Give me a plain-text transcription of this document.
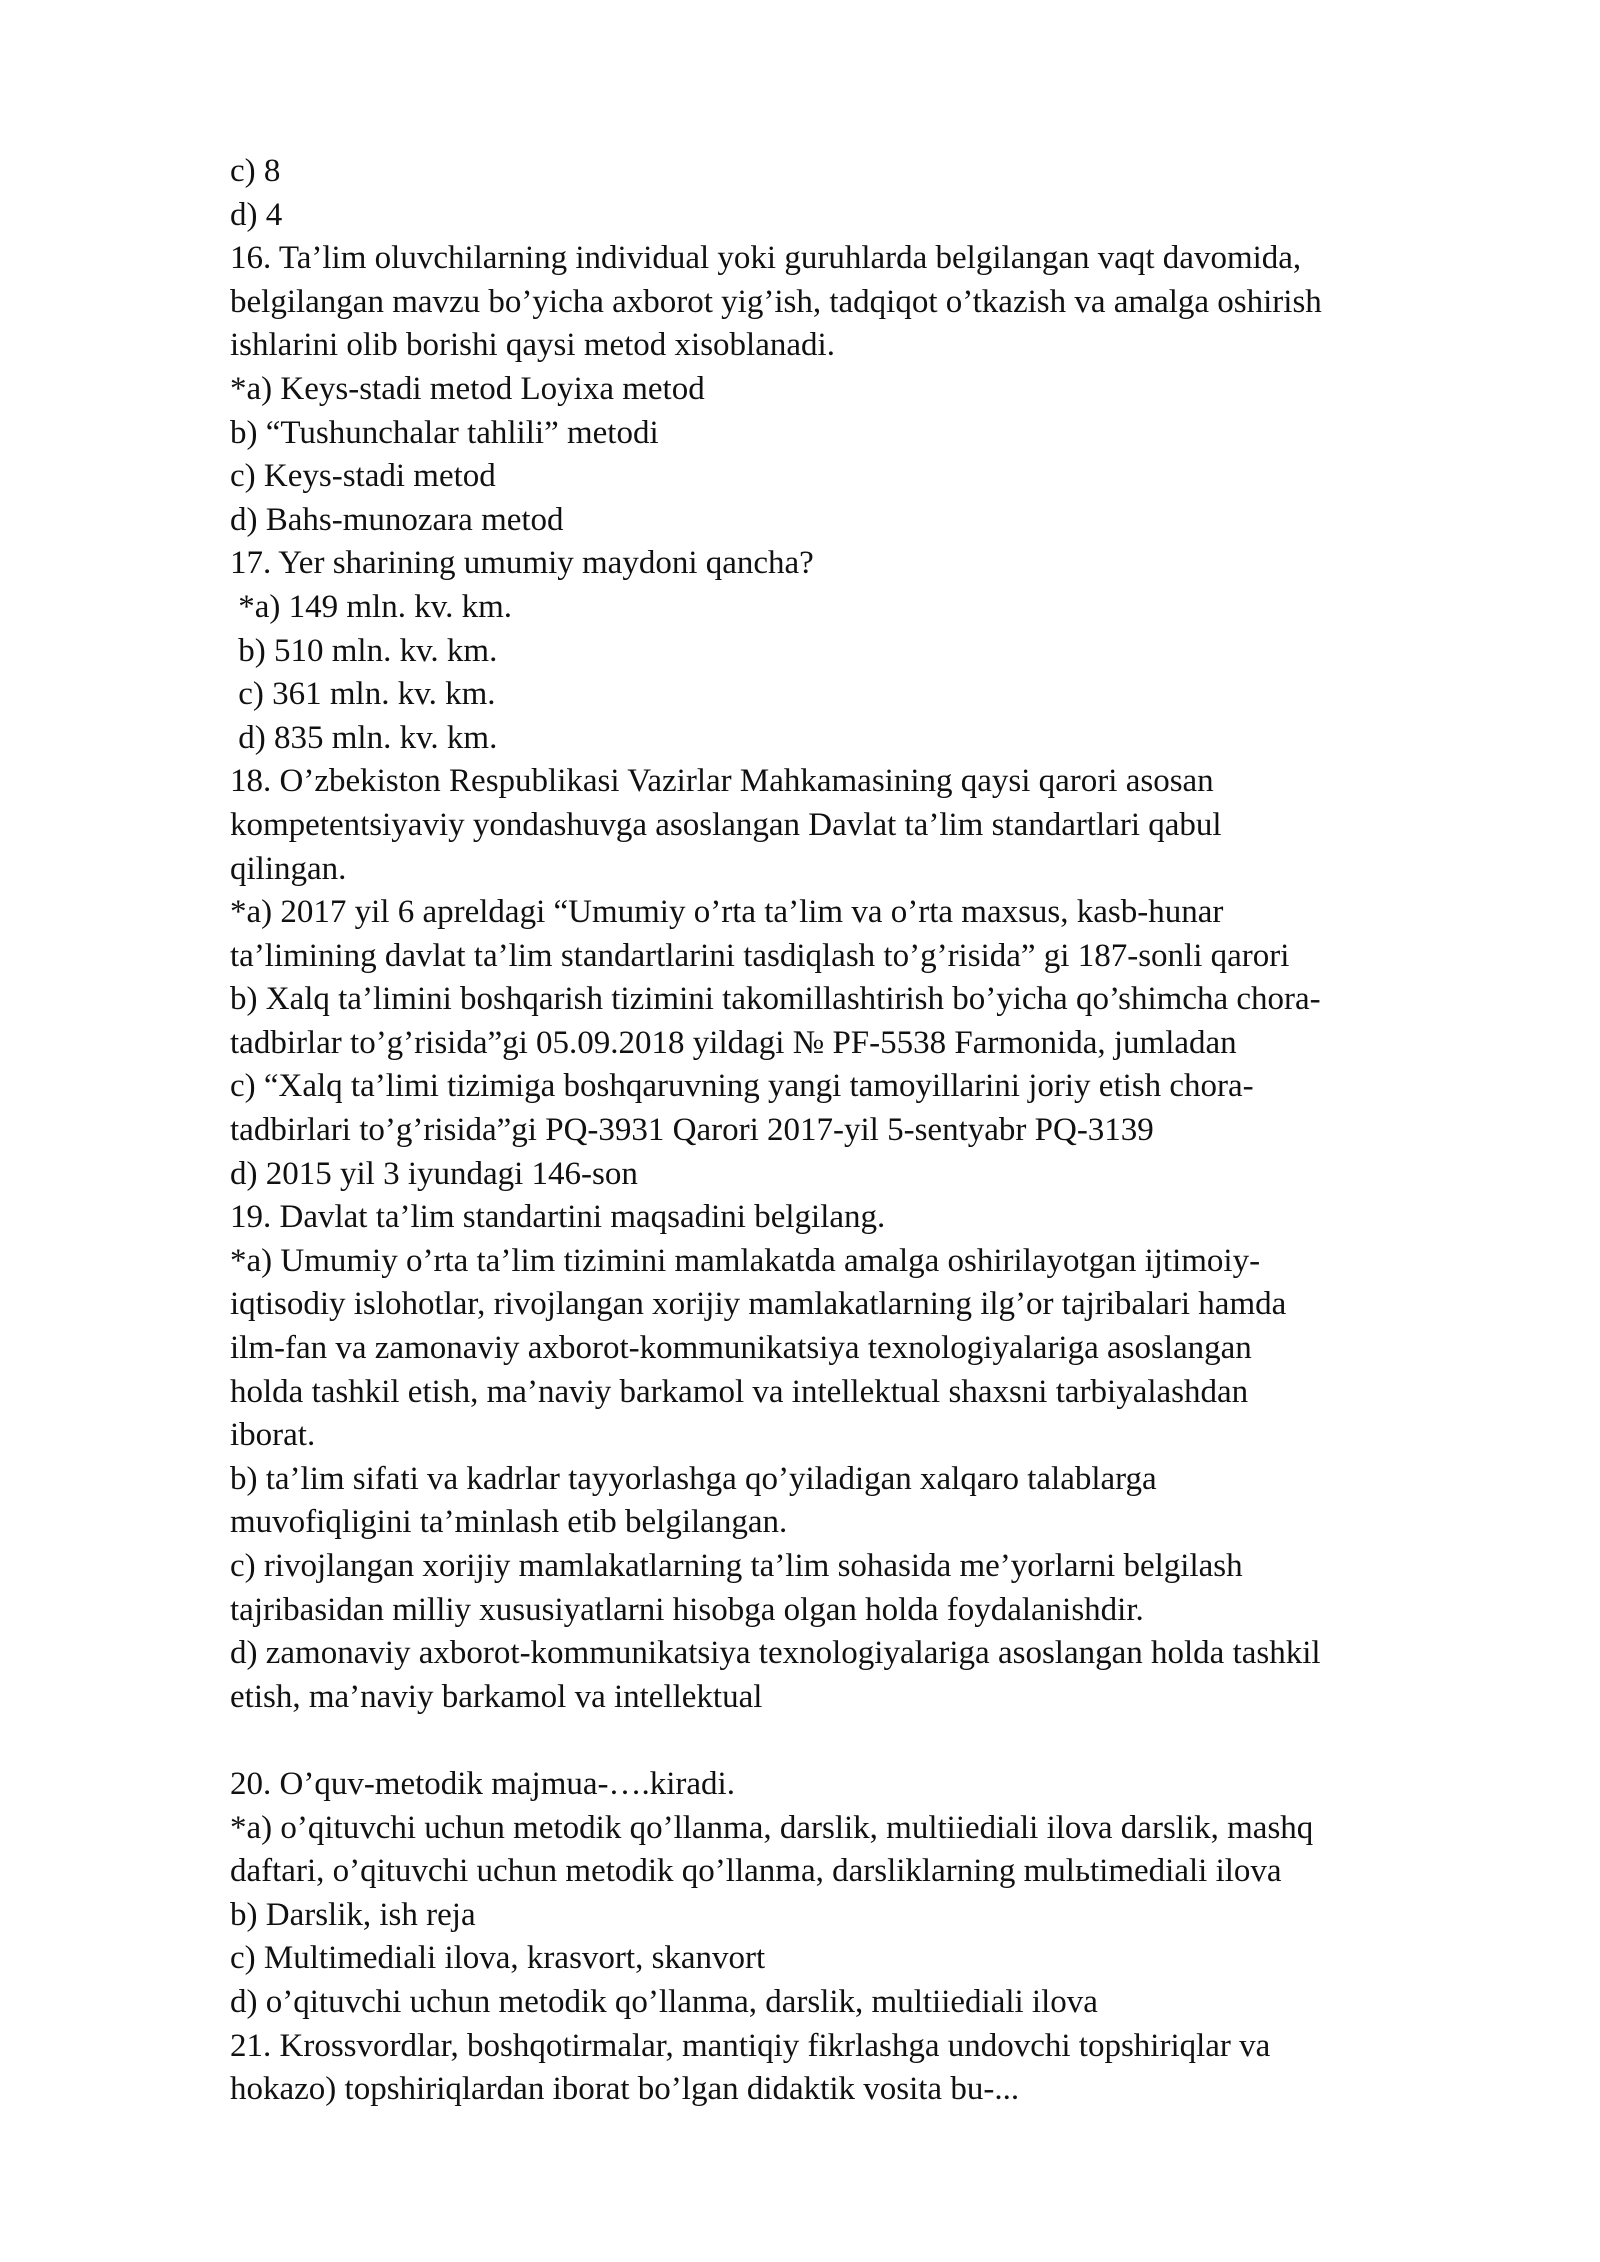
c) 8
d) 4
16. Ta’lim oluvchilarning individual yoki guruhlarda belgilangan vaqt davomida,
belgilangan mavzu bo’yicha axborot yig’ish, tadqiqot o’tkazish va amalga oshirish
ishlarini olib borishi qaysi metod xisoblanadi.
*a) Keys-stadi metod Loyixa metod
b) “Tushunchalar tahlili” metodi
c) Keys-stadi metod
d) Bahs-munozara metod
17. Yer sharining umumiy maydoni qancha?
*a) 149 mln. kv. km.
b) 510 mln. kv. km.
c) 361 mln. kv. km.
d) 835 mln. kv. km.
18. O’zbekiston Respublikasi Vazirlar Mahkamasining qaysi qarori asosan
kompetentsiyaviy yondashuvga asoslangan Davlat ta’lim standartlari qabul
qilingan.
*a) 2017 yil 6 apreldagi “Umumiy o’rta ta’lim va o’rta maxsus, kasb-hunar
ta’limining davlat ta’lim standartlarini tasdiqlash to’g’risida” gi 187-sonli qarori
b) Xalq ta’limini boshqarish tizimini takomillashtirish bo’yicha qo’shimcha chora-
tadbirlar to’g’risida”gi 05.09.2018 yildagi № PF-5538 Farmonida, jumladan
c) “Xalq ta’limi tizimiga boshqaruvning yangi tamoyillarini joriy etish chora-
tadbirlari to’g’risida”gi PQ-3931 Qarori 2017-yil 5-sentyabr PQ-3139
d) 2015 yil 3 iyundagi 146-son
19. Davlat ta’lim standartini maqsadini belgilang.
*a) Umumiy o’rta ta’lim tizimini mamlakatda amalga oshirilayotgan ijtimoiy-
iqtisodiy islohotlar, rivojlangan xorijiy mamlakatlarning ilg’or tajribalari hamda
ilm-fan va zamonaviy axborot-kommunikatsiya texnologiyalariga asoslangan
holda tashkil etish, ma’naviy barkamol va intellektual shaxsni tarbiyalashdan
iborat.
b) ta’lim sifati va kadrlar tayyorlashga qo’yiladigan xalqaro talablarga
muvofiqligini ta’minlash etib belgilangan.
c) rivojlangan xorijiy mamlakatlarning ta’lim sohasida me’yorlarni belgilash
tajribasidan milliy xususiyatlarni hisobga olgan holda foydalanishdir.
d) zamonaviy axborot-kommunikatsiya texnologiyalariga asoslangan holda tashkil
etish, ma’naviy barkamol va intellektual
20. O’quv-metodik majmua-….kiradi.
*a) o’qituvchi uchun metodik qo’llanma, darslik, multiiediali ilova darslik, mashq
daftari, o’qituvchi uchun metodik qo’llanma, darsliklarning mulьtimediali ilova
b) Darslik, ish reja
c) Multimediali ilova, krasvort, skanvort
d) o’qituvchi uchun metodik qo’llanma, darslik, multiiediali ilova
21. Krossvordlar, boshqotirmalar, mantiqiy fikrlashga undovchi topshiriqlar va
hokazo) topshiriqlardan iborat bo’lgan didaktik vosita bu-...
